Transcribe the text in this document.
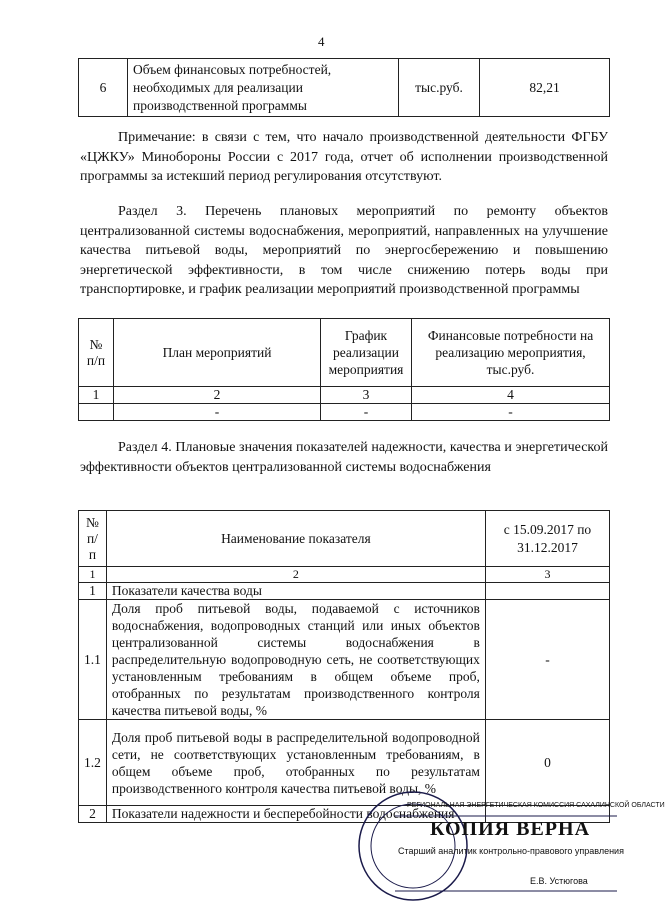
4
6	Объем финансовых потребностей, необходимых для реализации производственной программы	тыс.руб.	82,21
Примечание: в связи с тем, что начало производственной деятельности ФГБУ «ЦЖКУ» Минобороны России с 2017 года, отчет об исполнении производственной программы за истекший период регулирования отсутствуют.
Раздел 3. Перечень плановых мероприятий по ремонту объектов централизованной системы водоснабжения, мероприятий, направленных на улучшение качества питьевой воды, мероприятий по энергосбережению и повышению энергетической эффективности, в том числе снижению потерь воды при транспортировке, и график реализации мероприятий производственной программы
№ п/п	План мероприятий	График реализации мероприятия	Финансовые потребности на реализацию мероприятия, тыс.руб.
1	2	3	4
	-	-	-
Раздел 4. Плановые значения показателей надежности, качества и энергетической эффективности объектов централизованной системы водоснабжения
№ п/п	Наименование показателя	с 15.09.2017 по 31.12.2017
1	2	3
1	Показатели качества воды	
1.1	Доля проб питьевой воды, подаваемой с источников водоснабжения, водопроводных станций или иных объектов централизованной системы водоснабжения в распределительную водопроводную сеть, не соответствующих установленным требованиям в общем объеме проб, отобранных по результатам производственного контроля качества питьевой воды, %	-
1.2	Доля проб питьевой воды в распределительной водопроводной сети, не соответствующих установленным требованиям, в общем объеме проб, отобранных по результатам производственного контроля качества питьевой воды, %	0
2	Показатели надежности и бесперебойности водоснабжения	
РЕГИОНАЛЬНАЯ ЭНЕРГЕТИЧЕСКАЯ КОМИССИЯ САХАЛИНСКОЙ ОБЛАСТИ
Е.В. Устюгова
КОПИЯ ВЕРНА
Старший аналитик контрольно-правового управления
